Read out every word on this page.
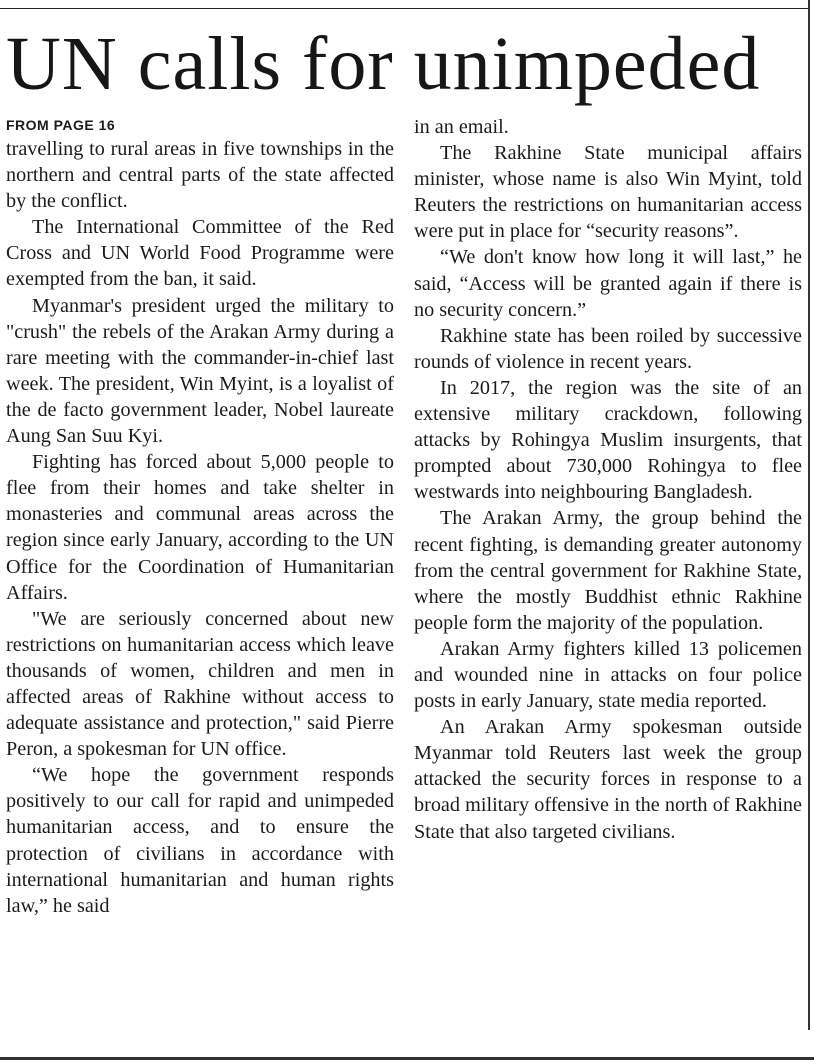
UN calls for unimpeded
FROM PAGE 16

travelling to rural areas in five townships in the northern and central parts of the state affected by the conflict.

The International Committee of the Red Cross and UN World Food Programme were exempted from the ban, it said.

Myanmar's president urged the military to "crush" the rebels of the Arakan Army during a rare meeting with the commander-in-chief last week. The president, Win Myint, is a loyalist of the de facto government leader, Nobel laureate Aung San Suu Kyi.

Fighting has forced about 5,000 people to flee from their homes and take shelter in monasteries and communal areas across the region since early January, according to the UN Office for the Coordination of Humanitarian Affairs.

"We are seriously concerned about new restrictions on humanitarian access which leave thousands of women, children and men in affected areas of Rakhine without access to adequate assistance and protection," said Pierre Peron, a spokesman for UN office.

“We hope the government responds positively to our call for rapid and unimpeded humanitarian access, and to ensure the protection of civilians in accordance with international humanitarian and human rights law,” he said

in an email.

The Rakhine State municipal affairs minister, whose name is also Win Myint, told Reuters the restrictions on humanitarian access were put in place for “security reasons”.

“We don't know how long it will last,” he said, “Access will be granted again if there is no security concern.”

Rakhine state has been roiled by successive rounds of violence in recent years.

In 2017, the region was the site of an extensive military crackdown, following attacks by Rohingya Muslim insurgents, that prompted about 730,000 Rohingya to flee westwards into neighbouring Bangladesh.

The Arakan Army, the group behind the recent fighting, is demanding greater autonomy from the central government for Rakhine State, where the mostly Buddhist ethnic Rakhine people form the majority of the population.

Arakan Army fighters killed 13 policemen and wounded nine in attacks on four police posts in early January, state media reported.

An Arakan Army spokesman outside Myanmar told Reuters last week the group attacked the security forces in response to a broad military offensive in the north of Rakhine State that also targeted civilians.
